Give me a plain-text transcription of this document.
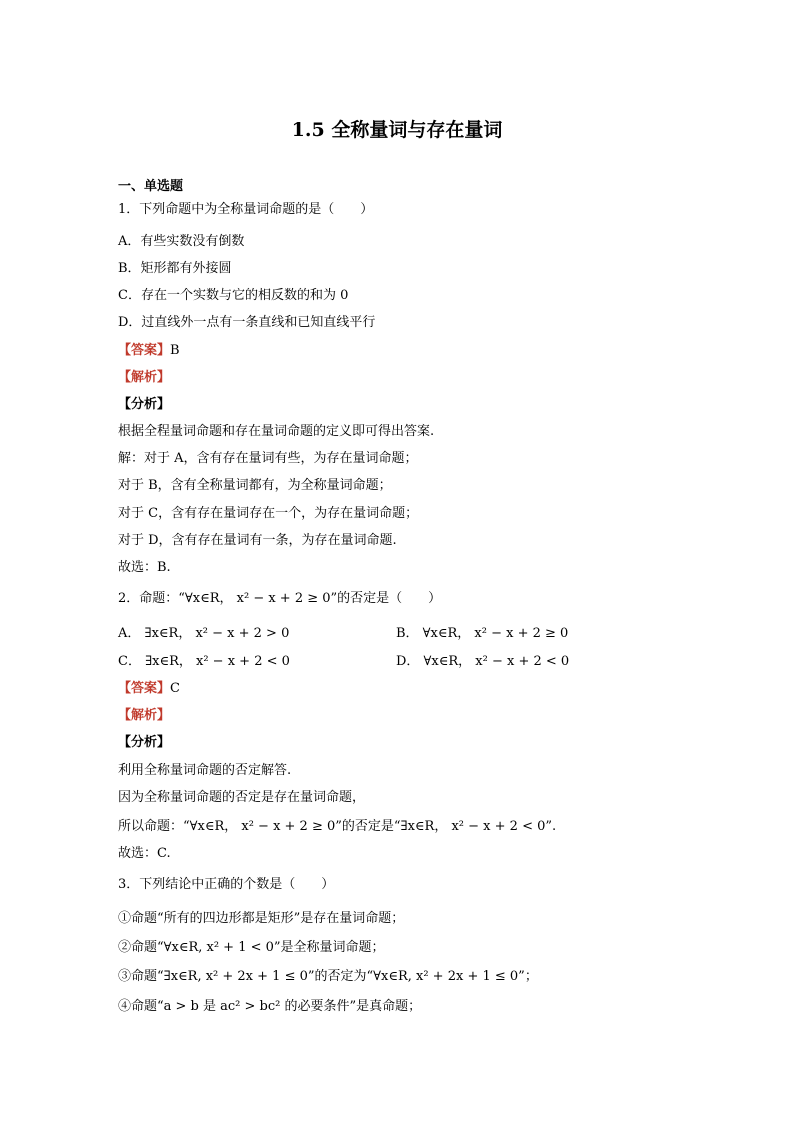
1.5 全称量词与存在量词
一、单选题
1．下列命题中为全称量词命题的是（　　）
A．有些实数没有倒数
B．矩形都有外接圆
C．存在一个实数与它的相反数的和为 0
D．过直线外一点有一条直线和已知直线平行
【答案】B
【解析】
【分析】
根据全程量词命题和存在量词命题的定义即可得出答案.
解：对于 A，含有存在量词有些，为存在量词命题；
对于 B，含有全称量词都有，为全称量词命题；
对于 C，含有存在量词存在一个，为存在量词命题；
对于 D，含有存在量词有一条，为存在量词命题.
故选：B.
2．命题：“∀x∈R， x² − x + 2 ≥ 0”的否定是（　　）
A． ∃x∈R， x² − x + 2 > 0	B． ∀x∈R， x² − x + 2 ≥ 0
C． ∃x∈R， x² − x + 2 < 0	D． ∀x∈R， x² − x + 2 < 0
【答案】C
【解析】
【分析】
利用全称量词命题的否定解答.
因为全称量词命题的否定是存在量词命题，
所以命题：“∀x∈R， x² − x + 2 ≥ 0”的否定是“∃x∈R， x² − x + 2 < 0”.
故选：C.
3．下列结论中正确的个数是（　　）
①命题“所有的四边形都是矩形”是存在量词命题；
②命题“∀x∈R, x² + 1 < 0”是全称量词命题；
③命题“∃x∈R, x² + 2x + 1 ≤ 0”的否定为“∀x∈R, x² + 2x + 1 ≤ 0”；
④命题“a > b 是 ac² > bc² 的必要条件”是真命题；
